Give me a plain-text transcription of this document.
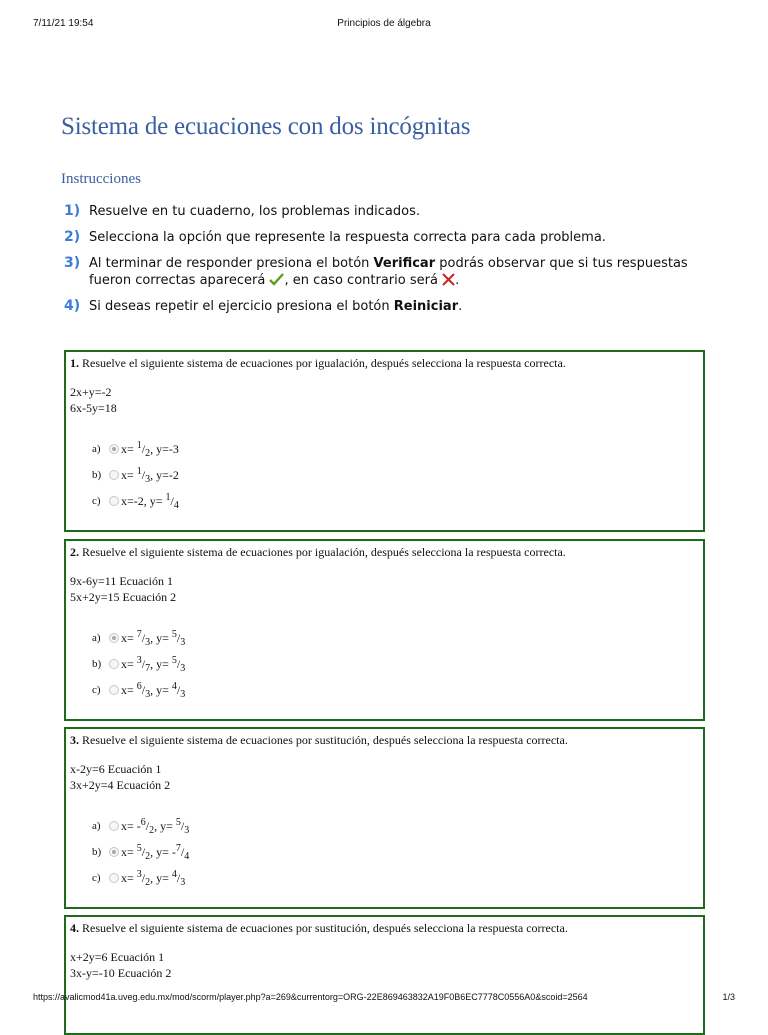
7/11/21 19:54	Principios de álgebra
Sistema de ecuaciones con dos incógnitas
Instrucciones
1) Resuelve en tu cuaderno, los problemas indicados.
2) Selecciona la opción que represente la respuesta correcta para cada problema.
3) Al terminar de responder presiona el botón Verificar podrás observar que si tus respuestas fueron correctas aparecerá , en caso contrario será .
4) Si deseas repetir el ejercicio presiona el botón Reiniciar.
1. Resuelve el siguiente sistema de ecuaciones por igualación, después selecciona la respuesta correcta.
2x+y=-2
6x-5y=18
a)	$x= ^1/_2$, y=-3
b)	$x= ^1/_3$, y=-2
c)	x=-2, $y= ^1/_4$
2. Resuelve el siguiente sistema de ecuaciones por igualación, después selecciona la respuesta correcta.
9x-6y=11 Ecuación 1
5x+2y=15 Ecuación 2
a)	$x= ^7/_3$, $y= ^5/_3$
b)	$x= ^3/_7$, $y= ^5/_3$
c)	$x= ^6/_3$, $y= ^4/_3$
3. Resuelve el siguiente sistema de ecuaciones por sustitución, después selecciona la respuesta correcta.
x-2y=6 Ecuación 1
3x+2y=4 Ecuación 2
a)	$x= -^6/_2$, $y= ^5/_3$
b)	$x= ^5/_2$, $y= -^7/_4$
c)	$x= ^3/_2$, $y= ^4/_3$
4. Resuelve el siguiente sistema de ecuaciones por sustitución, después selecciona la respuesta correcta.
x+2y=6 Ecuación 1
3x-y=-10 Ecuación 2
https://avalicmod41a.uveg.edu.mx/mod/scorm/player.php?a=269&currentorg=ORG-22E869463832A19F0B6EC7778C0556A0&scoid=2564	1/3
